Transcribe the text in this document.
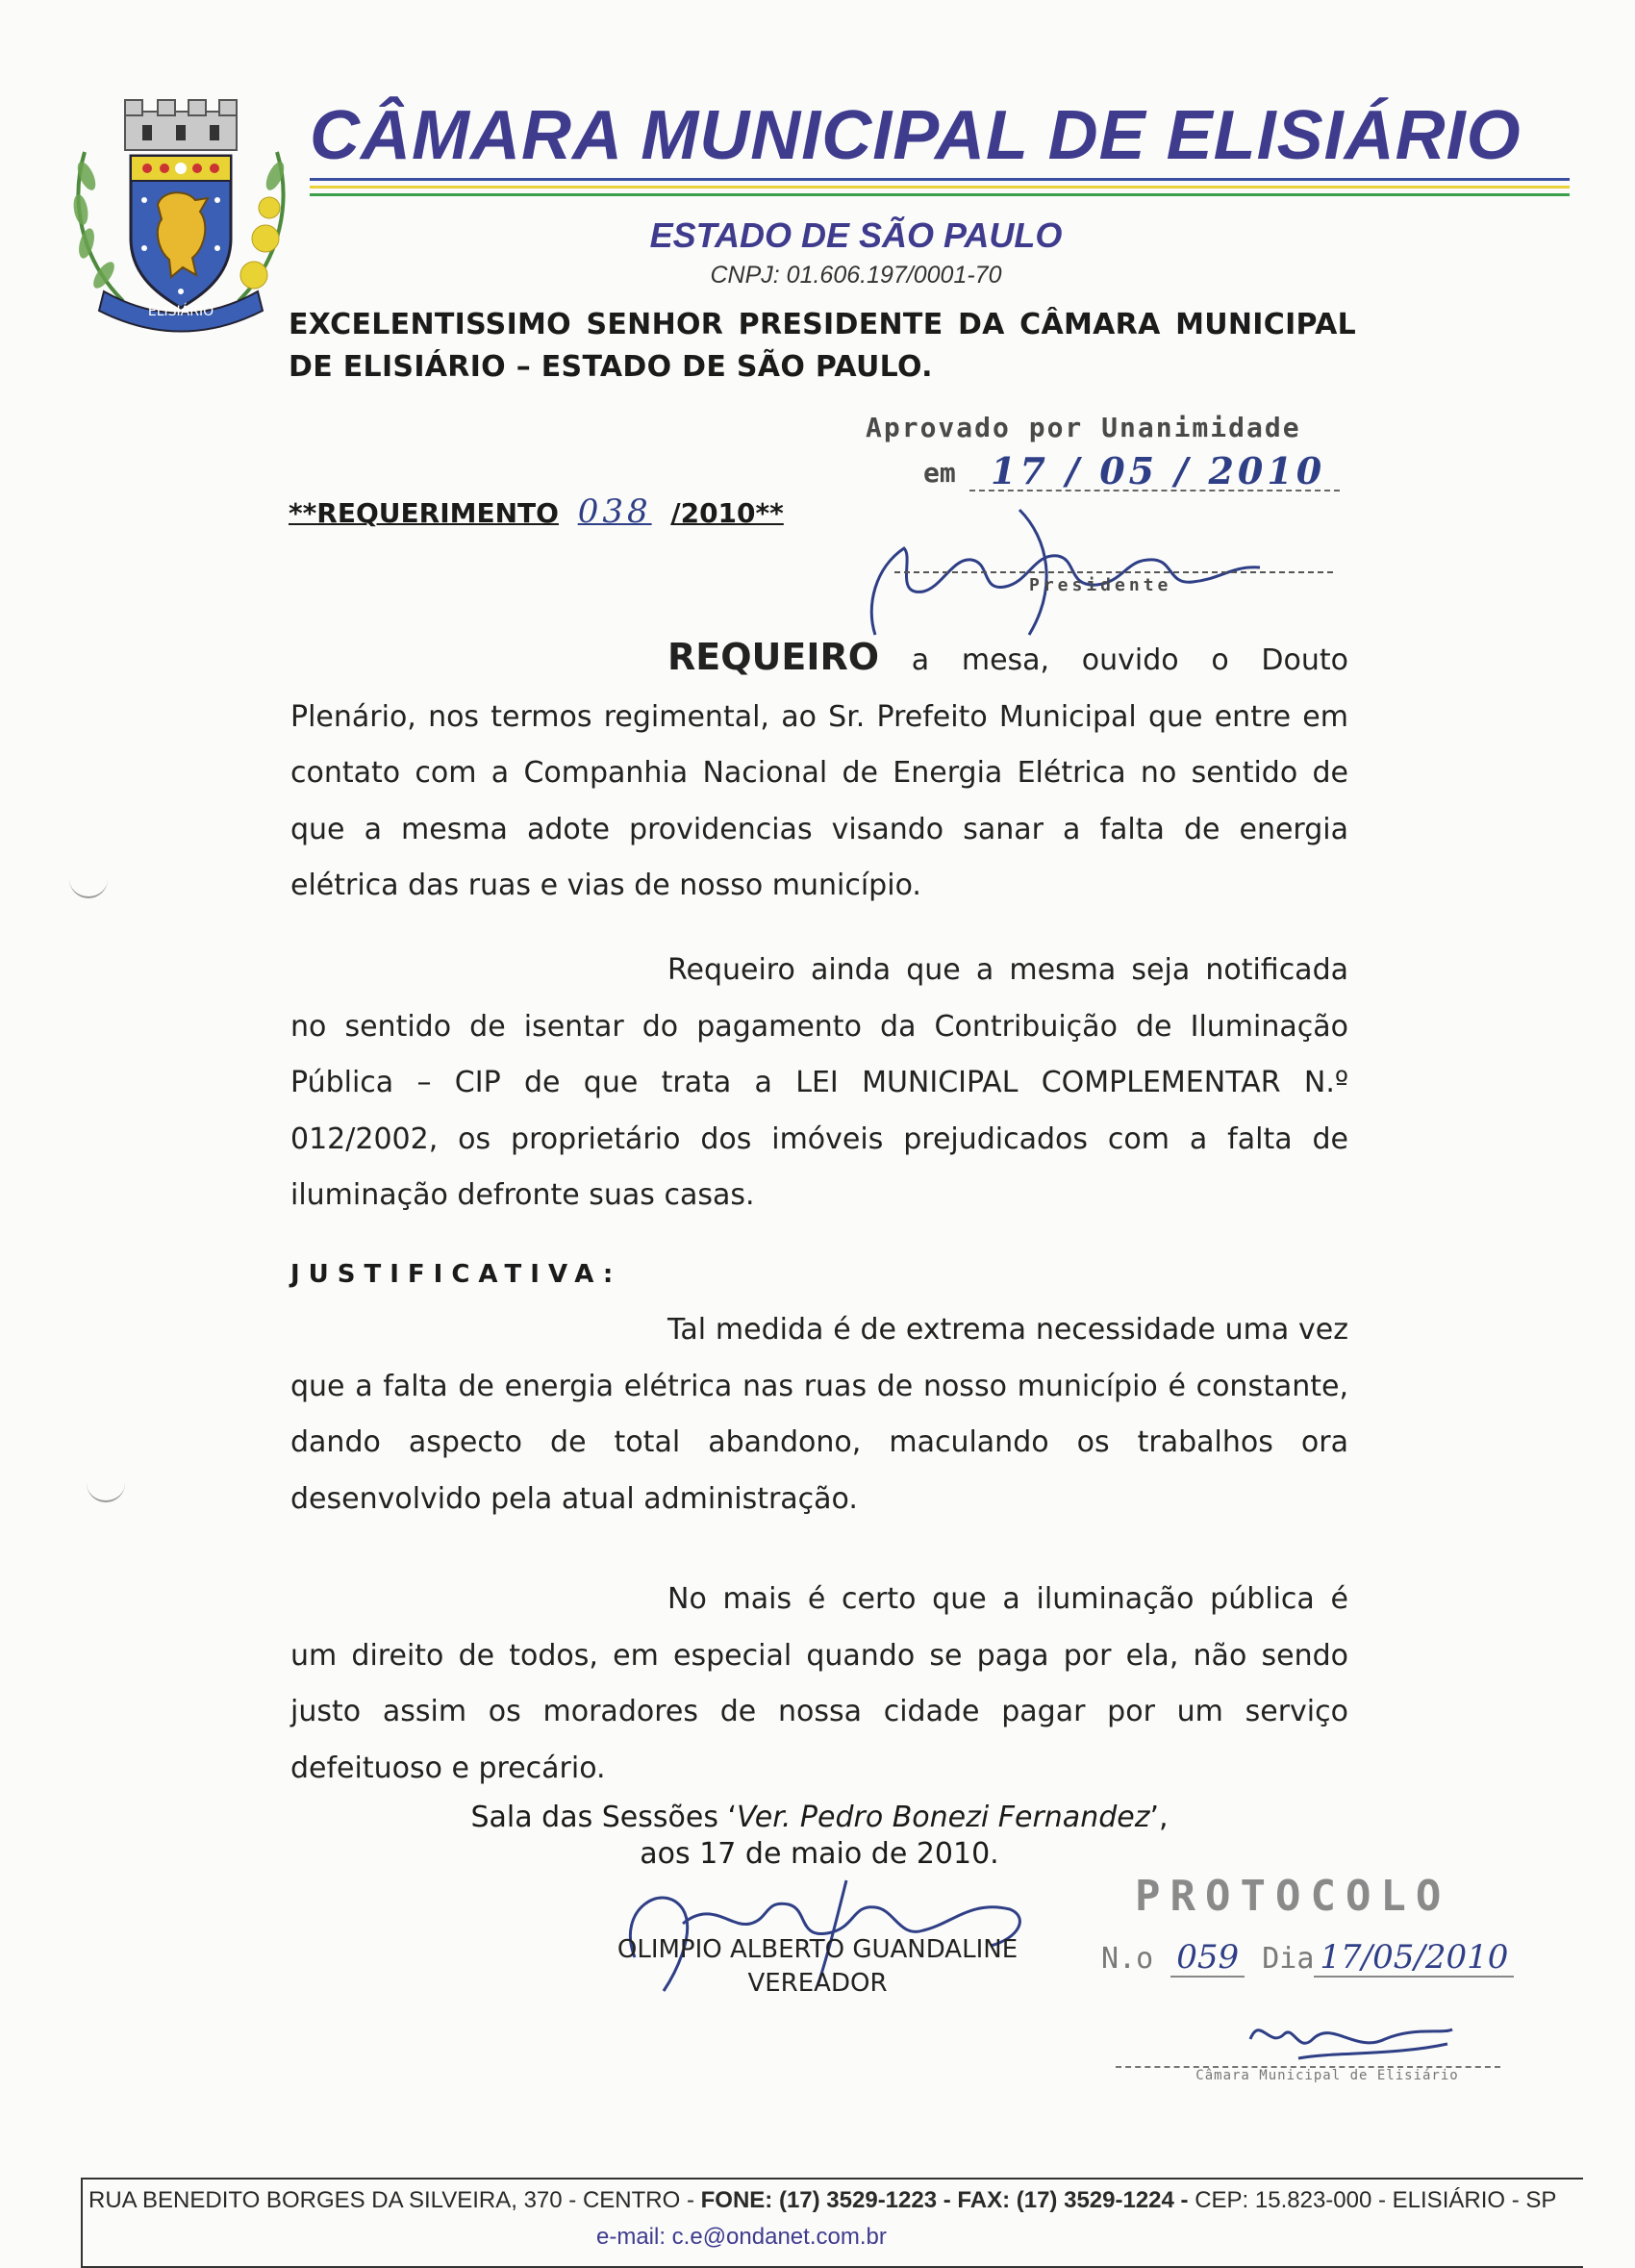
ELISIÁRIO
CÂMARA MUNICIPAL DE ELISIÁRIO
ESTADO DE SÃO PAULO
CNPJ: 01.606.197/0001-70
EXCELENTISSIMO SENHOR PRESIDENTE DA CÂMARA MUNICIPAL DE ELISIÁRIO – ESTADO DE SÃO PAULO.
Aprovado por Unanimidade
em 17 / 05 / 2010
Presidente
**REQUERIMENTO 038 /2010**
REQUEIRO a mesa, ouvido o Douto Plenário, nos termos regimental, ao Sr. Prefeito Municipal que entre em contato com a Companhia Nacional de Energia Elétrica no sentido de que a mesma adote providencias visando sanar a falta de energia elétrica das ruas e vias de nosso município.
Requeiro ainda que a mesma seja notificada no sentido de isentar do pagamento da Contribuição de Iluminação Pública – CIP de que trata a LEI MUNICIPAL COMPLEMENTAR N.º 012/2002, os proprietário dos imóveis prejudicados com a falta de iluminação defronte suas casas.
JUSTIFICATIVA:
Tal medida é de extrema necessidade uma vez que a falta de energia elétrica nas ruas de nosso município é constante, dando aspecto de total abandono, maculando os trabalhos ora desenvolvido pela atual administração.
No mais é certo que a iluminação pública é um direito de todos, em especial quando se paga por ela, não sendo justo assim os moradores de nossa cidade pagar por um serviço defeituoso e precário.
Sala das Sessões ‘Ver. Pedro Bonezi Fernandez’,
aos 17 de maio de 2010.
OLIMPIO ALBERTO GUANDALINE
VEREADOR
PROTOCOLO
N.o 059 Dia 17/05/2010
Câmara Municipal de Elisiário
RUA BENEDITO BORGES DA SILVEIRA, 370 - CENTRO - FONE: (17) 3529-1223 - FAX: (17) 3529-1224 - CEP: 15.823-000 - ELISIÁRIO - SP
e-mail: c.e@ondanet.com.br
